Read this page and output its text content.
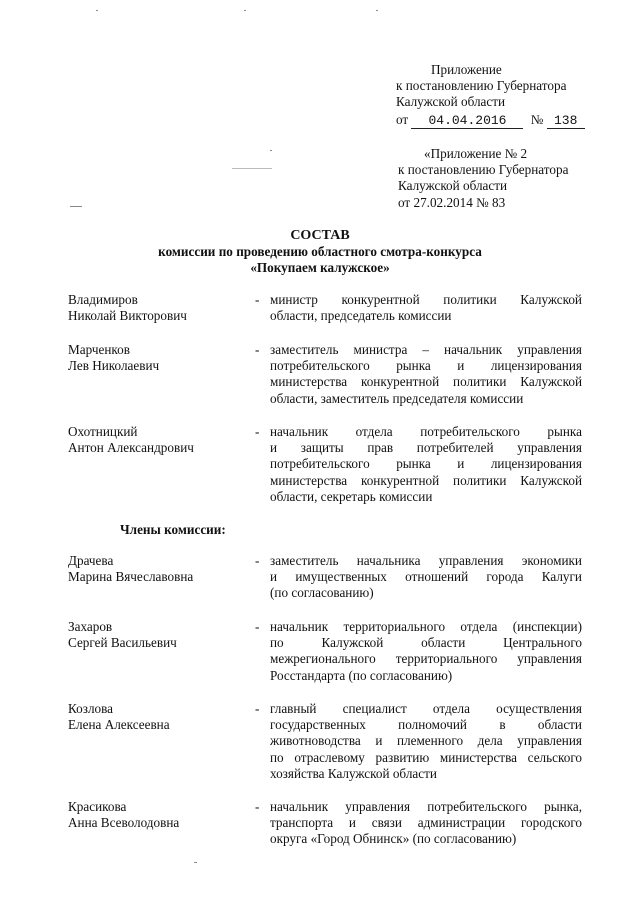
Приложение
к постановлению Губернатора
Калужской области
от 04.04.2016 № 138
«Приложение № 2
к постановлению Губернатора
Калужской области
от 27.02.2014 № 83
СОСТАВ
комиссии по проведению областного смотра-конкурса
«Покупаем калужское»
Владимиров
Николай Викторович
- министр конкурентной политики Калужской
области, председатель комиссии
Марченков
Лев Николаевич
- заместитель министра – начальник управления
потребительского рынка и лицензирования
министерства конкурентной политики Калужской
области, заместитель председателя комиссии
Охотницкий
Антон Александрович
- начальник отдела потребительского рынка
и защиты прав потребителей управления
потребительского рынка и лицензирования
министерства конкурентной политики Калужской
области, секретарь комиссии
Члены комиссии:
Драчева
Марина Вячеславовна
- заместитель начальника управления экономики
и имущественных отношений города Калуги
(по согласованию)
Захаров
Сергей Васильевич
- начальник территориального отдела (инспекции)
по Калужской области Центрального
межрегионального территориального управления
Росстандарта (по согласованию)
Козлова
Елена Алексеевна
- главный специалист отдела осуществления
государственных полномочий в области
животноводства и племенного дела управления
по отраслевому развитию министерства сельского
хозяйства Калужской области
Красикова
Анна Всеволодовна
- начальник управления потребительского рынка,
транспорта и связи администрации городского
округа «Город Обнинск» (по согласованию)
